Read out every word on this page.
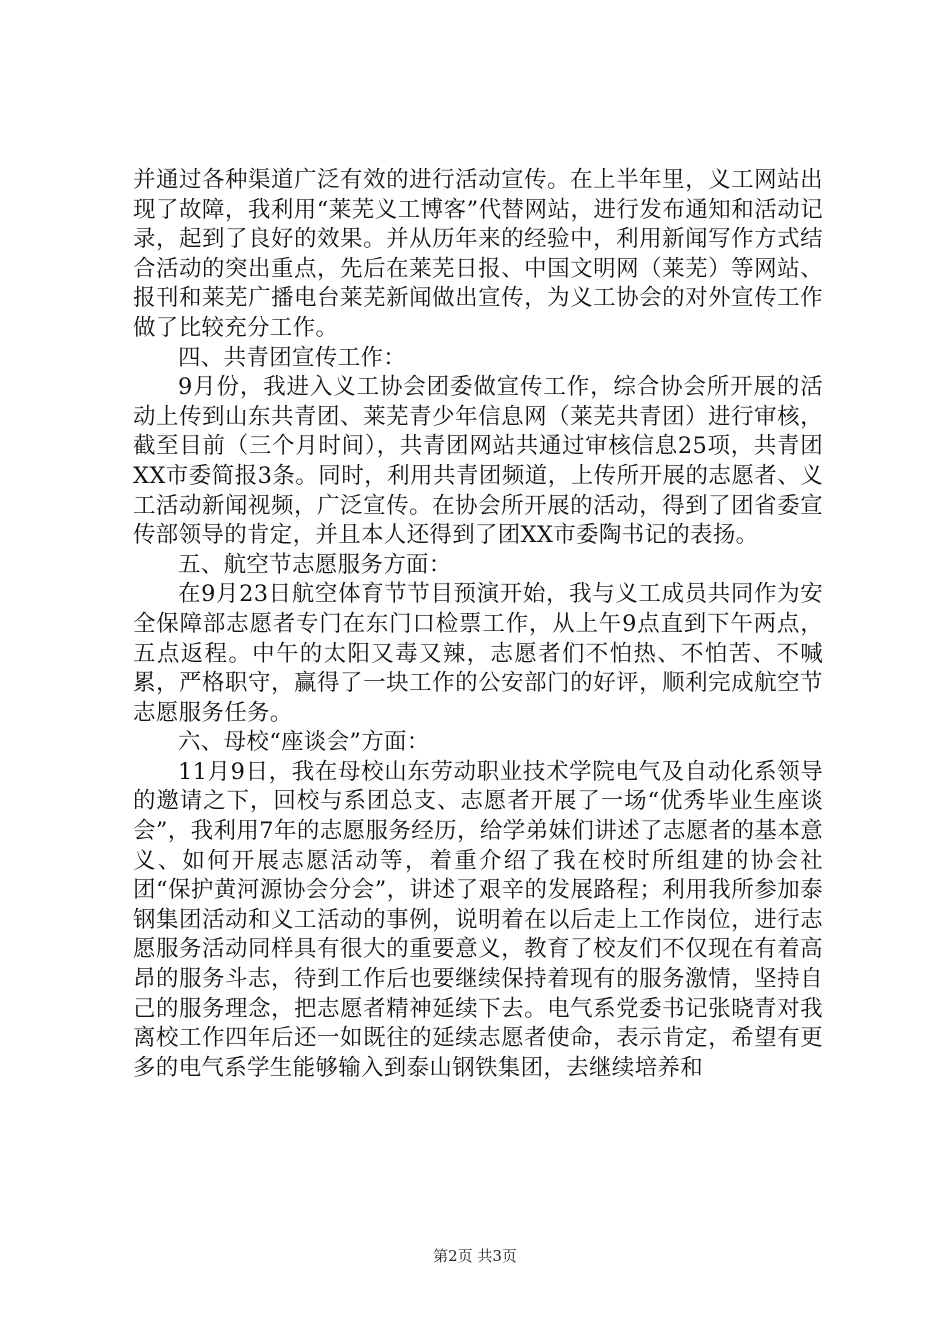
并通过各种渠道广泛有效的进行活动宣传。在上半年里，义工网站出现了故障，我利用“莱芜义工博客”代替网站，进行发布通知和活动记录，起到了良好的效果。并从历年来的经验中，利用新闻写作方式结合活动的突出重点，先后在莱芜日报、中国文明网（莱芜）等网站、报刊和莱芜广播电台莱芜新闻做出宣传，为义工协会的对外宣传工作做了比较充分工作。

四、共青团宣传工作：

9月份，我进入义工协会团委做宣传工作，综合协会所开展的活动上传到山东共青团、莱芜青少年信息网（莱芜共青团）进行审核，截至目前（三个月时间），共青团网站共通过审核信息25项，共青团XX市委简报3条。同时，利用共青团频道，上传所开展的志愿者、义工活动新闻视频，广泛宣传。在协会所开展的活动，得到了团省委宣传部领导的肯定，并且本人还得到了团XX市委陶书记的表扬。

五、航空节志愿服务方面：

在9月23日航空体育节节目预演开始，我与义工成员共同作为安全保障部志愿者专门在东门口检票工作，从上午9点直到下午两点，五点返程。中午的太阳又毒又辣，志愿者们不怕热、不怕苦、不喊累，严格职守，赢得了一块工作的公安部门的好评，顺利完成航空节志愿服务任务。

六、母校“座谈会”方面：

11月9日，我在母校山东劳动职业技术学院电气及自动化系领导的邀请之下，回校与系团总支、志愿者开展了一场“优秀毕业生座谈会”，我利用7年的志愿服务经历，给学弟妹们讲述了志愿者的基本意义、如何开展志愿活动等，着重介绍了我在校时所组建的协会社团“保护黄河源协会分会”，讲述了艰辛的发展路程；利用我所参加泰钢集团活动和义工活动的事例，说明着在以后走上工作岗位，进行志愿服务活动同样具有很大的重要意义，教育了校友们不仅现在有着高昂的服务斗志，待到工作后也要继续保持着现有的服务激情，坚持自己的服务理念，把志愿者精神延续下去。电气系党委书记张晓青对我离校工作四年后还一如既往的延续志愿者使命，表示肯定，希望有更多的电气系学生能够输入到泰山钢铁集团，去继续培养和

第2页 共3页
